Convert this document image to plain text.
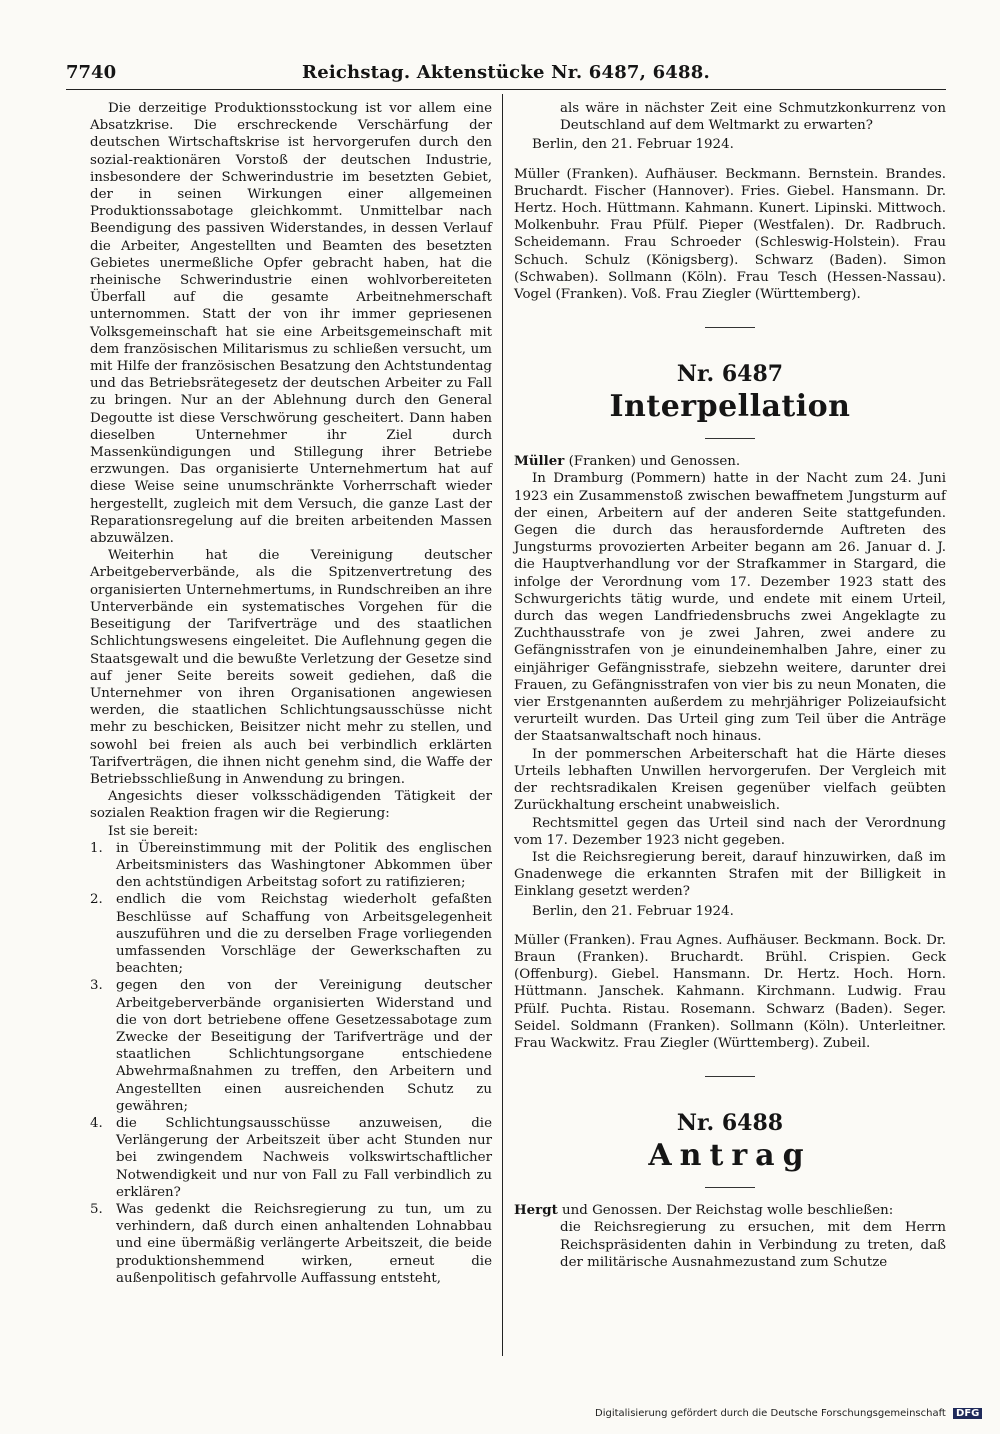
7740	Reichstag. Aktenstücke Nr. 6487, 6488.

Die derzeitige Produktionsstockung ist vor allem eine Absatzkrise. Die erschreckende Verschärfung der deutschen Wirtschaftskrise ist hervorgerufen durch den sozial-reaktionären Vorstoß der deutschen Industrie, insbesondere der Schwerindustrie im besetzten Gebiet, der in seinen Wirkungen einer allgemeinen Produktionssabotage gleichkommt. Unmittelbar nach Beendigung des passiven Widerstandes, in dessen Verlauf die Arbeiter, Angestellten und Beamten des besetzten Gebietes unermeßliche Opfer gebracht haben, hat die rheinische Schwerindustrie einen wohlvorbereiteten Überfall auf die gesamte Arbeitnehmerschaft unternommen. Statt der von ihr immer gepriesenen Volksgemeinschaft hat sie eine Arbeitsgemeinschaft mit dem französischen Militarismus zu schließen versucht, um mit Hilfe der französischen Besatzung den Achtstundentag und das Betriebsrätegesetz der deutschen Arbeiter zu Fall zu bringen. Nur an der Ablehnung durch den General Degoutte ist diese Verschwörung gescheitert. Dann haben dieselben Unternehmer ihr Ziel durch Massenkündigungen und Stillegung ihrer Betriebe erzwungen. Das organisierte Unternehmertum hat auf diese Weise seine unumschränkte Vorherrschaft wieder hergestellt, zugleich mit dem Versuch, die ganze Last der Reparationsregelung auf die breiten arbeitenden Massen abzuwälzen.

Weiterhin hat die Vereinigung deutscher Arbeitgeberverbände, als die Spitzenvertretung des organisierten Unternehmertums, in Rundschreiben an ihre Unterverbände ein systematisches Vorgehen für die Beseitigung der Tarifverträge und des staatlichen Schlichtungswesens eingeleitet. Die Auflehnung gegen die Staatsgewalt und die bewußte Verletzung der Gesetze sind auf jener Seite bereits soweit gediehen, daß die Unternehmer von ihren Organisationen angewiesen werden, die staatlichen Schlichtungsausschüsse nicht mehr zu beschicken, Beisitzer nicht mehr zu stellen, und sowohl bei freien als auch bei verbindlich erklärten Tarifverträgen, die ihnen nicht genehm sind, die Waffe der Betriebsschließung in Anwendung zu bringen.

Angesichts dieser volksschädigenden Tätigkeit der sozialen Reaktion fragen wir die Regierung:

Ist sie bereit:

1. in Übereinstimmung mit der Politik des englischen Arbeitsministers das Washingtoner Abkommen über den achtstündigen Arbeitstag sofort zu ratifizieren;
2. endlich die vom Reichstag wiederholt gefaßten Beschlüsse auf Schaffung von Arbeitsgelegenheit auszuführen und die zu derselben Frage vorliegenden umfassenden Vorschläge der Gewerkschaften zu beachten;
3. gegen den von der Vereinigung deutscher Arbeitgeberverbände organisierten Widerstand und die von dort betriebene offene Gesetzessabotage zum Zwecke der Beseitigung der Tarifverträge und der staatlichen Schlichtungsorgane entschiedene Abwehrmaßnahmen zu treffen, den Arbeitern und Angestellten einen ausreichenden Schutz zu gewähren;
4. die Schlichtungsausschüsse anzuweisen, die Verlängerung der Arbeitszeit über acht Stunden nur bei zwingendem Nachweis volkswirtschaftlicher Notwendigkeit und nur von Fall zu Fall verbindlich zu erklären?
5. Was gedenkt die Reichsregierung zu tun, um zu verhindern, daß durch einen anhaltenden Lohnabbau und eine übermäßig verlängerte Arbeitszeit, die beide produktionshemmend wirken, erneut die außenpolitisch gefahrvolle Auffassung entsteht,

als wäre in nächster Zeit eine Schmutzkonkurrenz von Deutschland auf dem Weltmarkt zu erwarten?

Berlin, den 21. Februar 1924.

Müller (Franken). Aufhäuser. Beckmann. Bernstein. Brandes. Bruchardt. Fischer (Hannover). Fries. Giebel. Hansmann. Dr. Hertz. Hoch. Hüttmann. Kahmann. Kunert. Lipinski. Mittwoch. Molkenbuhr. Frau Pfülf. Pieper (Westfalen). Dr. Radbruch. Scheidemann. Frau Schroeder (Schleswig-Holstein). Frau Schuch. Schulz (Königsberg). Schwarz (Baden). Simon (Schwaben). Sollmann (Köln). Frau Tesch (Hessen-Nassau). Vogel (Franken). Voß. Frau Ziegler (Württemberg).

Nr. 6487
Interpellation

Müller (Franken) und Genossen.

In Dramburg (Pommern) hatte in der Nacht zum 24. Juni 1923 ein Zusammenstoß zwischen bewaffnetem Jungsturm auf der einen, Arbeitern auf der anderen Seite stattgefunden. Gegen die durch das herausfordernde Auftreten des Jungsturms provozierten Arbeiter begann am 26. Januar d. J. die Hauptverhandlung vor der Strafkammer in Stargard, die infolge der Verordnung vom 17. Dezember 1923 statt des Schwurgerichts tätig wurde, und endete mit einem Urteil, durch das wegen Landfriedensbruchs zwei Angeklagte zu Zuchthausstrafe von je zwei Jahren, zwei andere zu Gefängnisstrafen von je einundeinemhalben Jahre, einer zu einjähriger Gefängnisstrafe, siebzehn weitere, darunter drei Frauen, zu Gefängnisstrafen von vier bis zu neun Monaten, die vier Erstgenannten außerdem zu mehrjähriger Polizeiaufsicht verurteilt wurden. Das Urteil ging zum Teil über die Anträge der Staatsanwaltschaft noch hinaus.

In der pommerschen Arbeiterschaft hat die Härte dieses Urteils lebhaften Unwillen hervorgerufen. Der Vergleich mit der rechtsradikalen Kreisen gegenüber vielfach geübten Zurückhaltung erscheint unabweislich.

Rechtsmittel gegen das Urteil sind nach der Verordnung vom 17. Dezember 1923 nicht gegeben.

Ist die Reichsregierung bereit, darauf hinzuwirken, daß im Gnadenwege die erkannten Strafen mit der Billigkeit in Einklang gesetzt werden?

Berlin, den 21. Februar 1924.

Müller (Franken). Frau Agnes. Aufhäuser. Beckmann. Bock. Dr. Braun (Franken). Bruchardt. Brühl. Crispien. Geck (Offenburg). Giebel. Hansmann. Dr. Hertz. Hoch. Horn. Hüttmann. Janschek. Kahmann. Kirchmann. Ludwig. Frau Pfülf. Puchta. Ristau. Rosemann. Schwarz (Baden). Seger. Seidel. Soldmann (Franken). Sollmann (Köln). Unterleitner. Frau Wackwitz. Frau Ziegler (Württemberg). Zubeil.

Nr. 6488
Antrag

Hergt und Genossen. Der Reichstag wolle beschließen:

die Reichsregierung zu ersuchen, mit dem Herrn Reichspräsidenten dahin in Verbindung zu treten, daß der militärische Ausnahmezustand zum Schutze

Digitalisierung gefördert durch die Deutsche Forschungsgemeinschaft DFG
